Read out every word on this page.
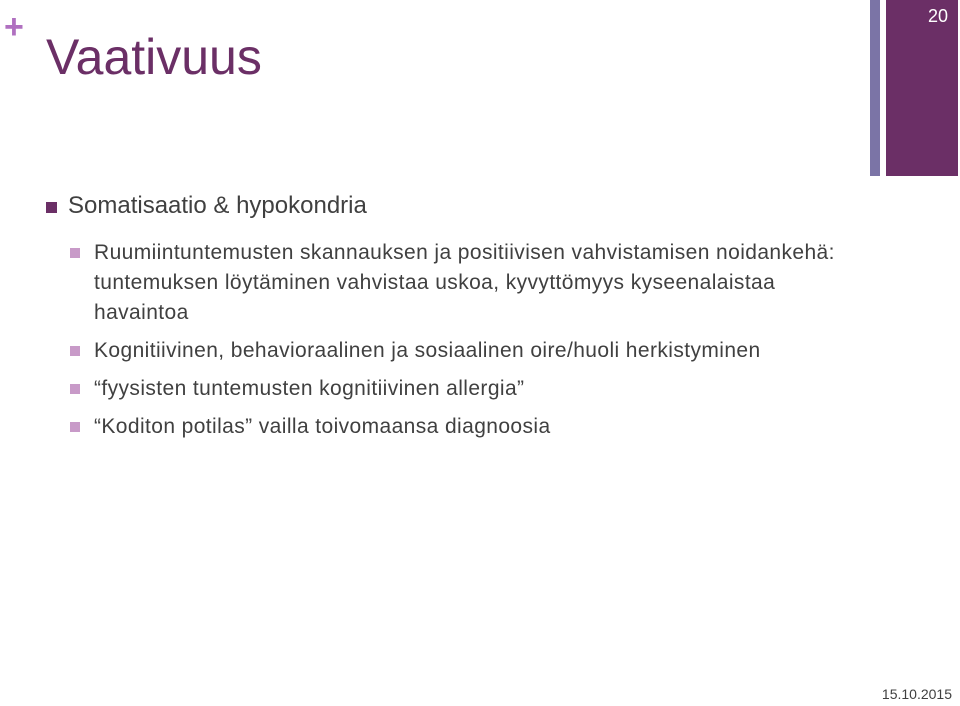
+
Vaativuus
20
Somatisaatio & hypokondria
Ruumiintuntemusten skannauksen ja positiivisen vahvistamisen noidankehä: tuntemuksen löytäminen vahvistaa uskoa, kyvyttömyys kyseenalaistaa havaintoa
Kognitiivinen, behavioraalinen ja sosiaalinen oire/huoli herkistyminen
“fyysisten tuntemusten kognitiivinen allergia”
“Koditon potilas” vailla toivomaansa diagnoosia
15.10.2015
